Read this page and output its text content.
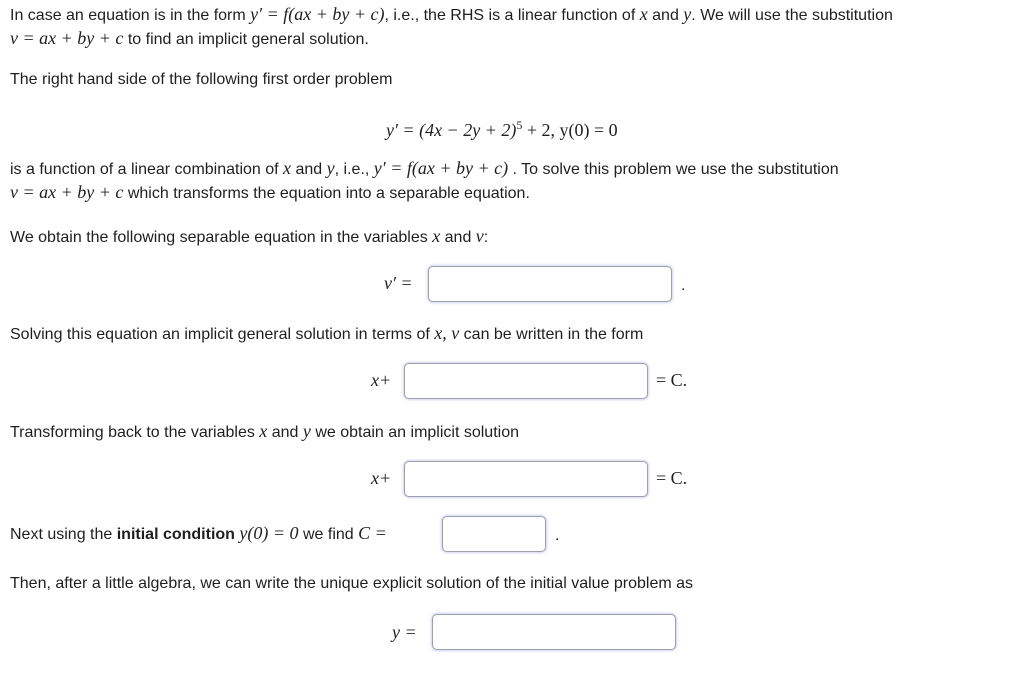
In case an equation is in the form y′ = f(ax + by + c), i.e., the RHS is a linear function of x and y. We will use the substitution
v = ax + by + c to find an implicit general solution.
The right hand side of the following first order problem
$y' = (4x - 2y + 2)^5 + 2$, y(0) = 0
is a function of a linear combination of x and y, i.e., y′ = f(ax + by + c) . To solve this problem we use the substitution
v = ax + by + c which transforms the equation into a separable equation.
We obtain the following separable equation in the variables x and v:
v′ =	.
Solving this equation an implicit general solution in terms of x, v can be written in the form
x+	= C.
Transforming back to the variables x and y we obtain an implicit solution
x+	= C.
Next using the initial condition y(0) = 0 we find C =	.
Then, after a little algebra, we can write the unique explicit solution of the initial value problem as
y =
